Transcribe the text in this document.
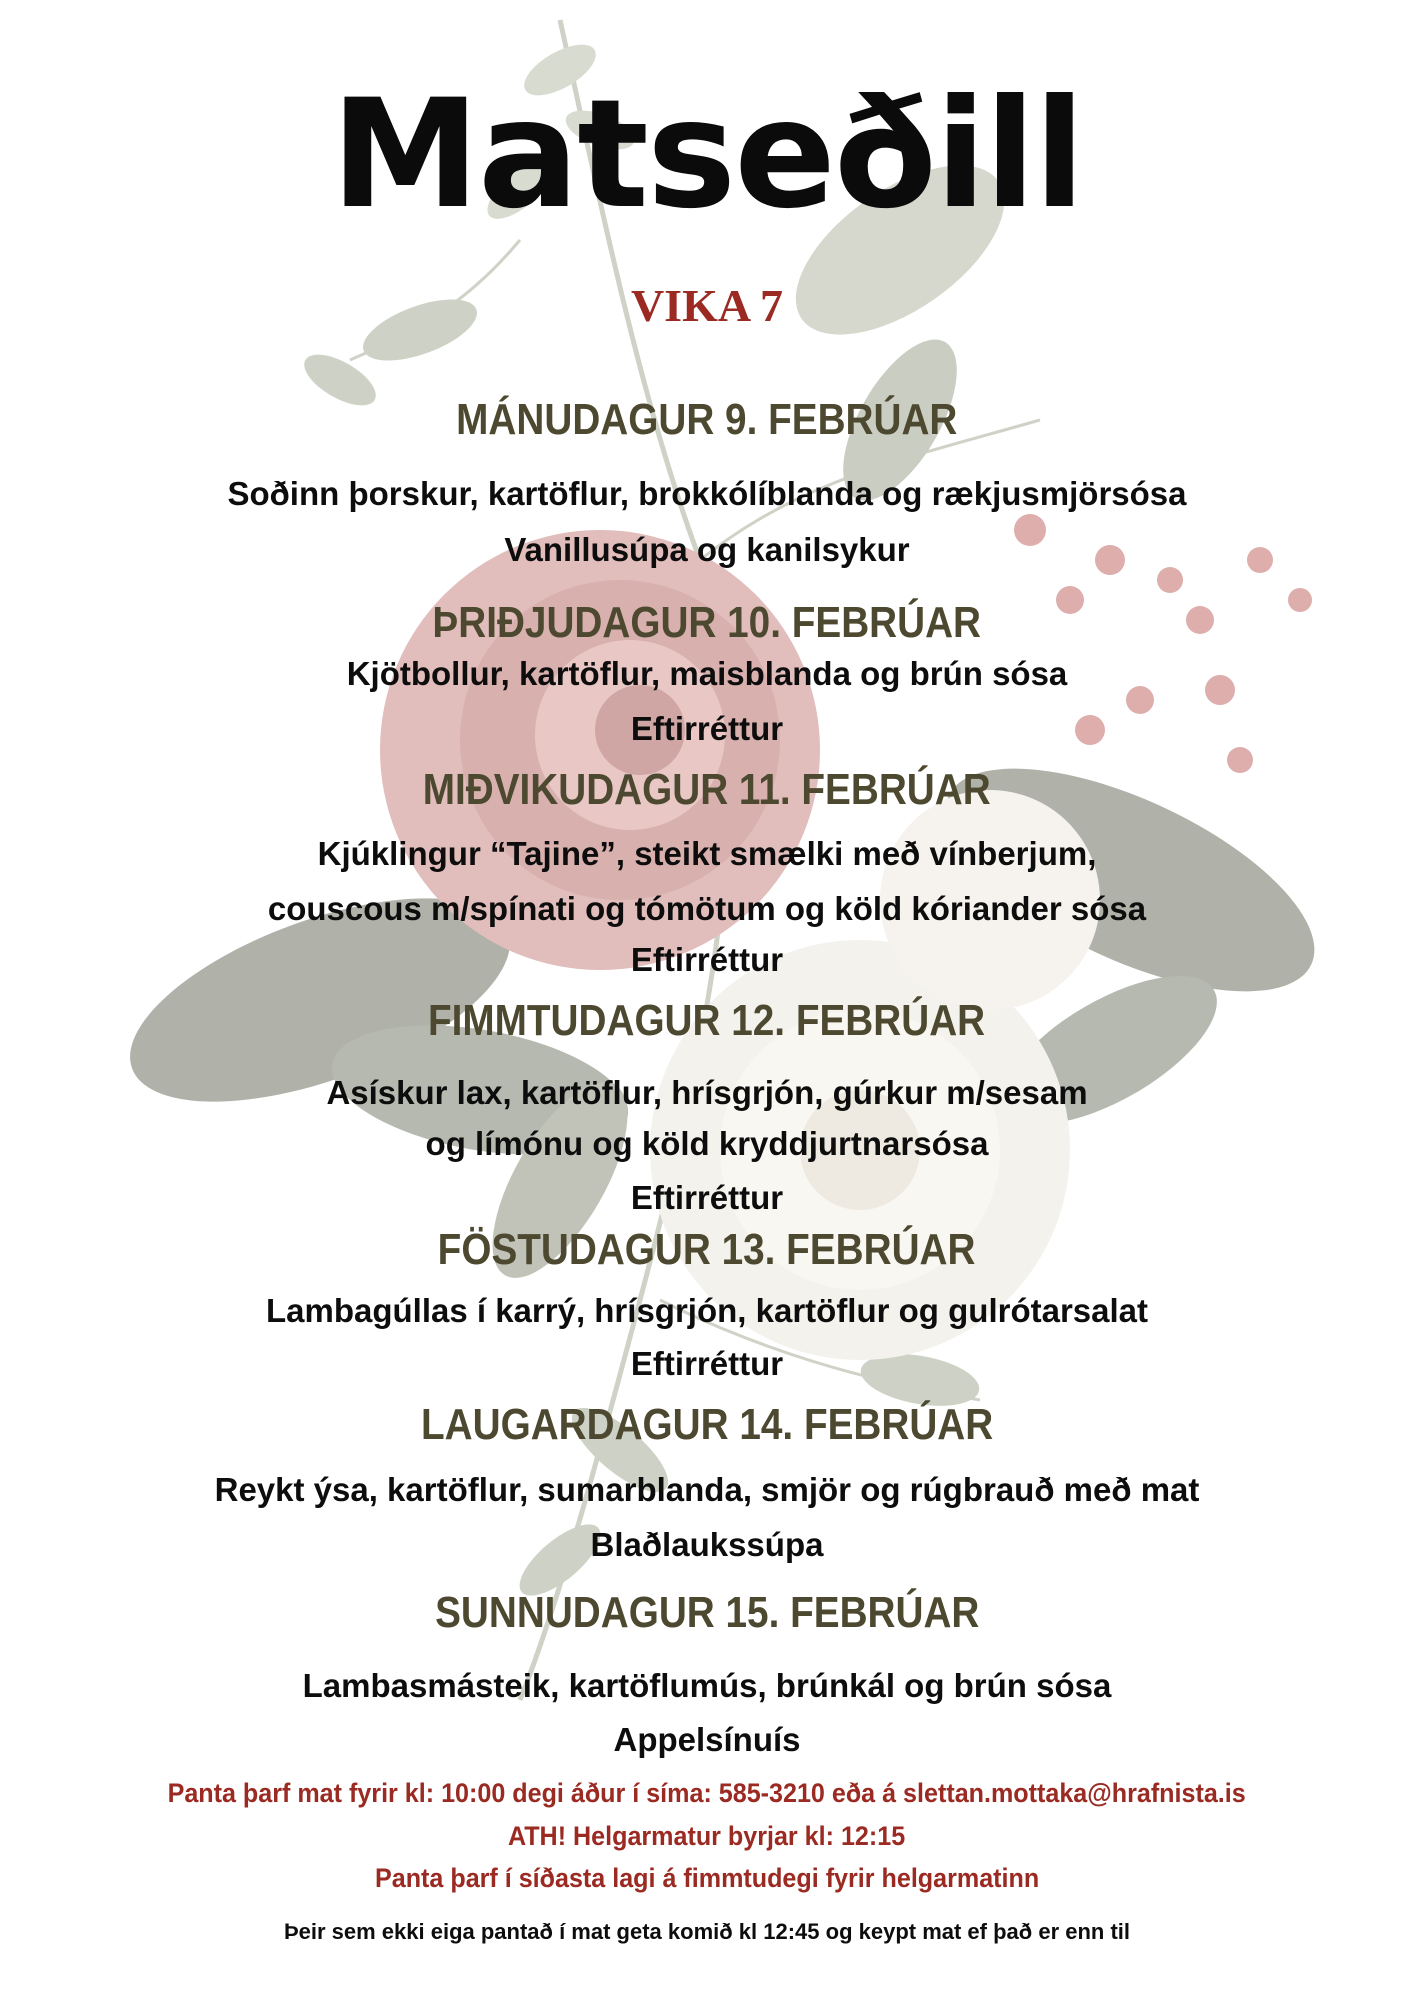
Matseðill
VIKA 7
MÁNUDAGUR 9. FEBRÚAR
Soðinn þorskur, kartöflur, brokkólíblanda og rækjusmjörsósa
Vanillusúpa og kanilsykur
ÞRIÐJUDAGUR 10. FEBRÚAR
Kjötbollur, kartöflur, maisblanda og brún sósa
Eftirréttur
MIÐVIKUDAGUR 11. FEBRÚAR
Kjúklingur “Tajine”, steikt smælki með vínberjum,
couscous m/spínati og tómötum og köld kóriander sósa
Eftirréttur
FIMMTUDAGUR 12. FEBRÚAR
Asískur lax, kartöflur, hrísgrjón, gúrkur m/sesam
og límónu og köld kryddjurtnarsósa
Eftirréttur
FÖSTUDAGUR 13. FEBRÚAR
Lambagúllas í karrý, hrísgrjón, kartöflur og gulrótarsalat
Eftirréttur
LAUGARDAGUR 14. FEBRÚAR
Reykt ýsa, kartöflur, sumarblanda, smjör og rúgbrauð með mat
Blaðlaukssúpa
SUNNUDAGUR 15. FEBRÚAR
Lambasmásteik, kartöflumús, brúnkál og brún sósa
Appelsínuís
Panta þarf mat fyrir kl: 10:00 degi áður í síma: 585-3210 eða á slettan.mottaka@hrafnista.is
ATH! Helgarmatur byrjar kl: 12:15
Panta þarf í síðasta lagi á fimmtudegi fyrir helgarmatinn
Þeir sem ekki eiga pantað í mat geta komið kl 12:45 og keypt mat ef það er enn til
